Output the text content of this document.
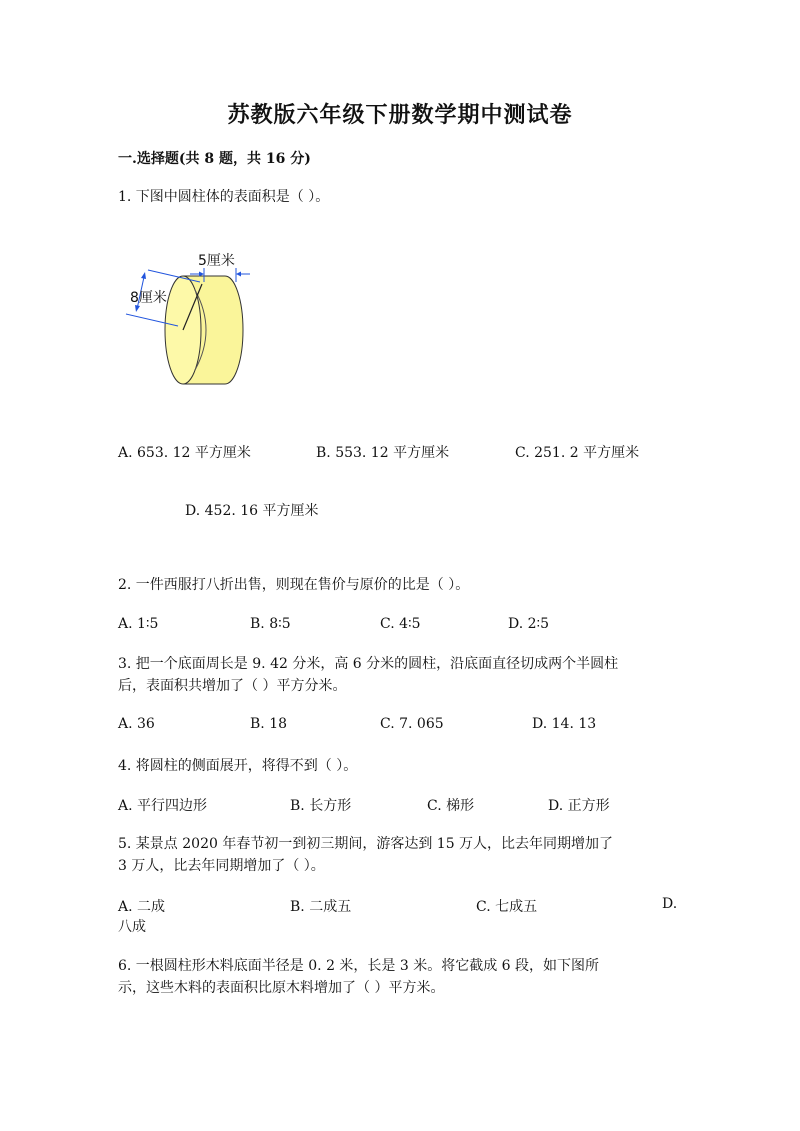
苏教版六年级下册数学期中测试卷
一.选择题(共 8 题，共 16 分)
1. 下图中圆柱体的表面积是（ ）。
5厘米
8厘米
A. 653. 12 平方厘米	B. 553. 12 平方厘米	C. 251. 2 平方厘米
D. 452. 16 平方厘米
2. 一件西服打八折出售，则现在售价与原价的比是（ ）。
A. 1∶5	B. 8∶5	C. 4∶5	D. 2∶5
3. 把一个底面周长是 9. 42 分米，高 6 分米的圆柱，沿底面直径切成两个半圆柱
后，表面积共增加了（ ）平方分米。
A. 36	B. 18	C. 7. 065	D. 14. 13
4. 将圆柱的侧面展开，将得不到（ ）。
A. 平行四边形	B. 长方形	C. 梯形	D. 正方形
5. 某景点 2020 年春节初一到初三期间，游客达到 15 万人，比去年同期增加了
3 万人，比去年同期增加了（ ）。
A. 二成	B. 二成五	C. 七成五	D.
八成
6. 一根圆柱形木料底面半径是 0. 2 米，长是 3 米。将它截成 6 段，如下图所
示，这些木料的表面积比原木料增加了（ ）平方米。
